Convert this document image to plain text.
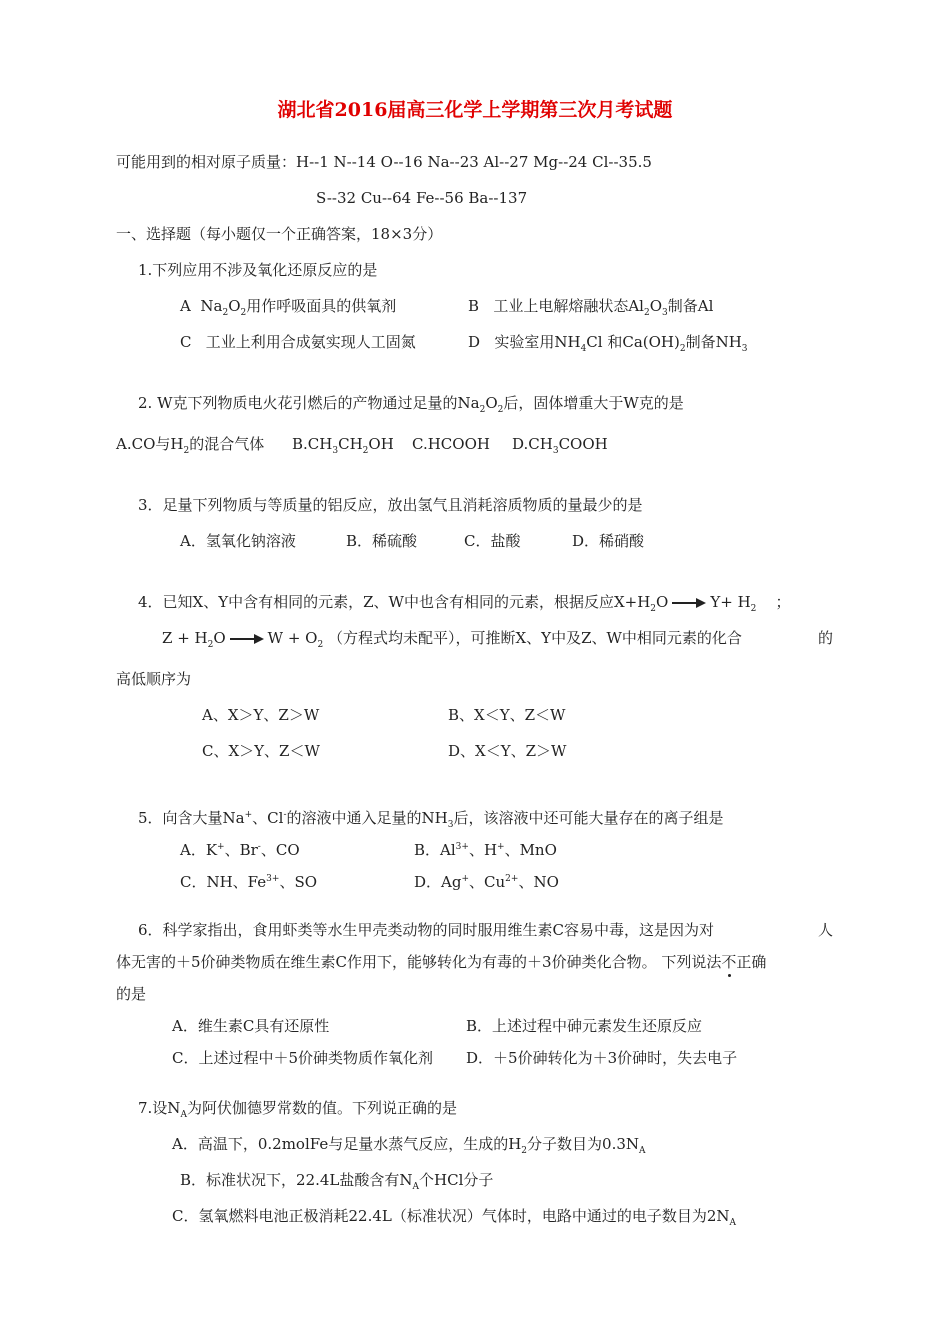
湖北省2016届高三化学上学期第三次月考试题
可能用到的相对原子质量：H--1 N--14 O--16 Na--23 Al--27 Mg--24 Cl--35.5
S--32 Cu--64 Fe--56 Ba--137
一、选择题（每小题仅一个正确答案，18×3分）
1.下列应用不涉及氧化还原反应的是
A $Na_2O_2$用作呼吸面具的供氧剂	B 工业上电解熔融状态$Al_2O_3$制备Al
C 工业上利用合成氨实现人工固氮	D 实验室用$NH_4Cl$ 和$Ca(OH)_2$制备$NH_3$
2. W克下列物质电火花引燃后的产物通过足量的$Na_2O_2$后，固体增重大于W克的是
A.CO与$H_2$的混合气体 $B.CH_3CH_2OH$ C.HCOOH $D.CH_3COOH$
3．足量下列物质与等质量的铝反应，放出氢气且消耗溶质物质的量最少的是
A．氢氧化钠溶液	B．稀硫酸	C．盐酸	D．稀硝酸
4．已知X、Y中含有相同的元素，Z、W中也含有相同的元素，根据反应$X+H_2O$	$Y+ H_2$ ；
$Z + H_2O$	$W + O_2$ （方程式均未配平），可推断X、Y中及Z、W中相同元素的化合	的
高低顺序为
A、X＞Y、Z＞W	B、X＜Y、Z＜W
C、X＞Y、Z＜W	D、X＜Y、Z＞W
5．向含大量Na+、Cl-的溶液中通入足量的$NH_3$后，该溶液中还可能大量存在的离子组是
A．K+、Br-、CO	B．$Al^{3+}$、H+、MnO
C．NH、$Fe^{3+}$、SO	D．Ag+、$Cu^{2+}$、NO
6．科学家指出，食用虾类等水生甲壳类动物的同时服用维生素C容易中毒，这是因为对	人
体无害的＋5价砷类物质在维生素C作用下，能够转化为有毒的＋3价砷类化合物。 下列说法不正确
的是
A．维生素C具有还原性	B．上述过程中砷元素发生还原反应
C．上述过程中＋5价砷类物质作氧化剂 D．＋5价砷转化为＋3价砷时，失去电子
7.设$N_A$为阿伏伽德罗常数的值。下列说正确的是
A．高温下，0.2molFe与足量水蒸气反应，生成的$H_2$分子数目为$0.3N_A$
B．标准状况下，22.4L盐酸含有$N_A$个HCl分子
C．氢氧燃料电池正极消耗22.4L（标准状况）气体时，电路中通过的电子数目为$2N_A$
